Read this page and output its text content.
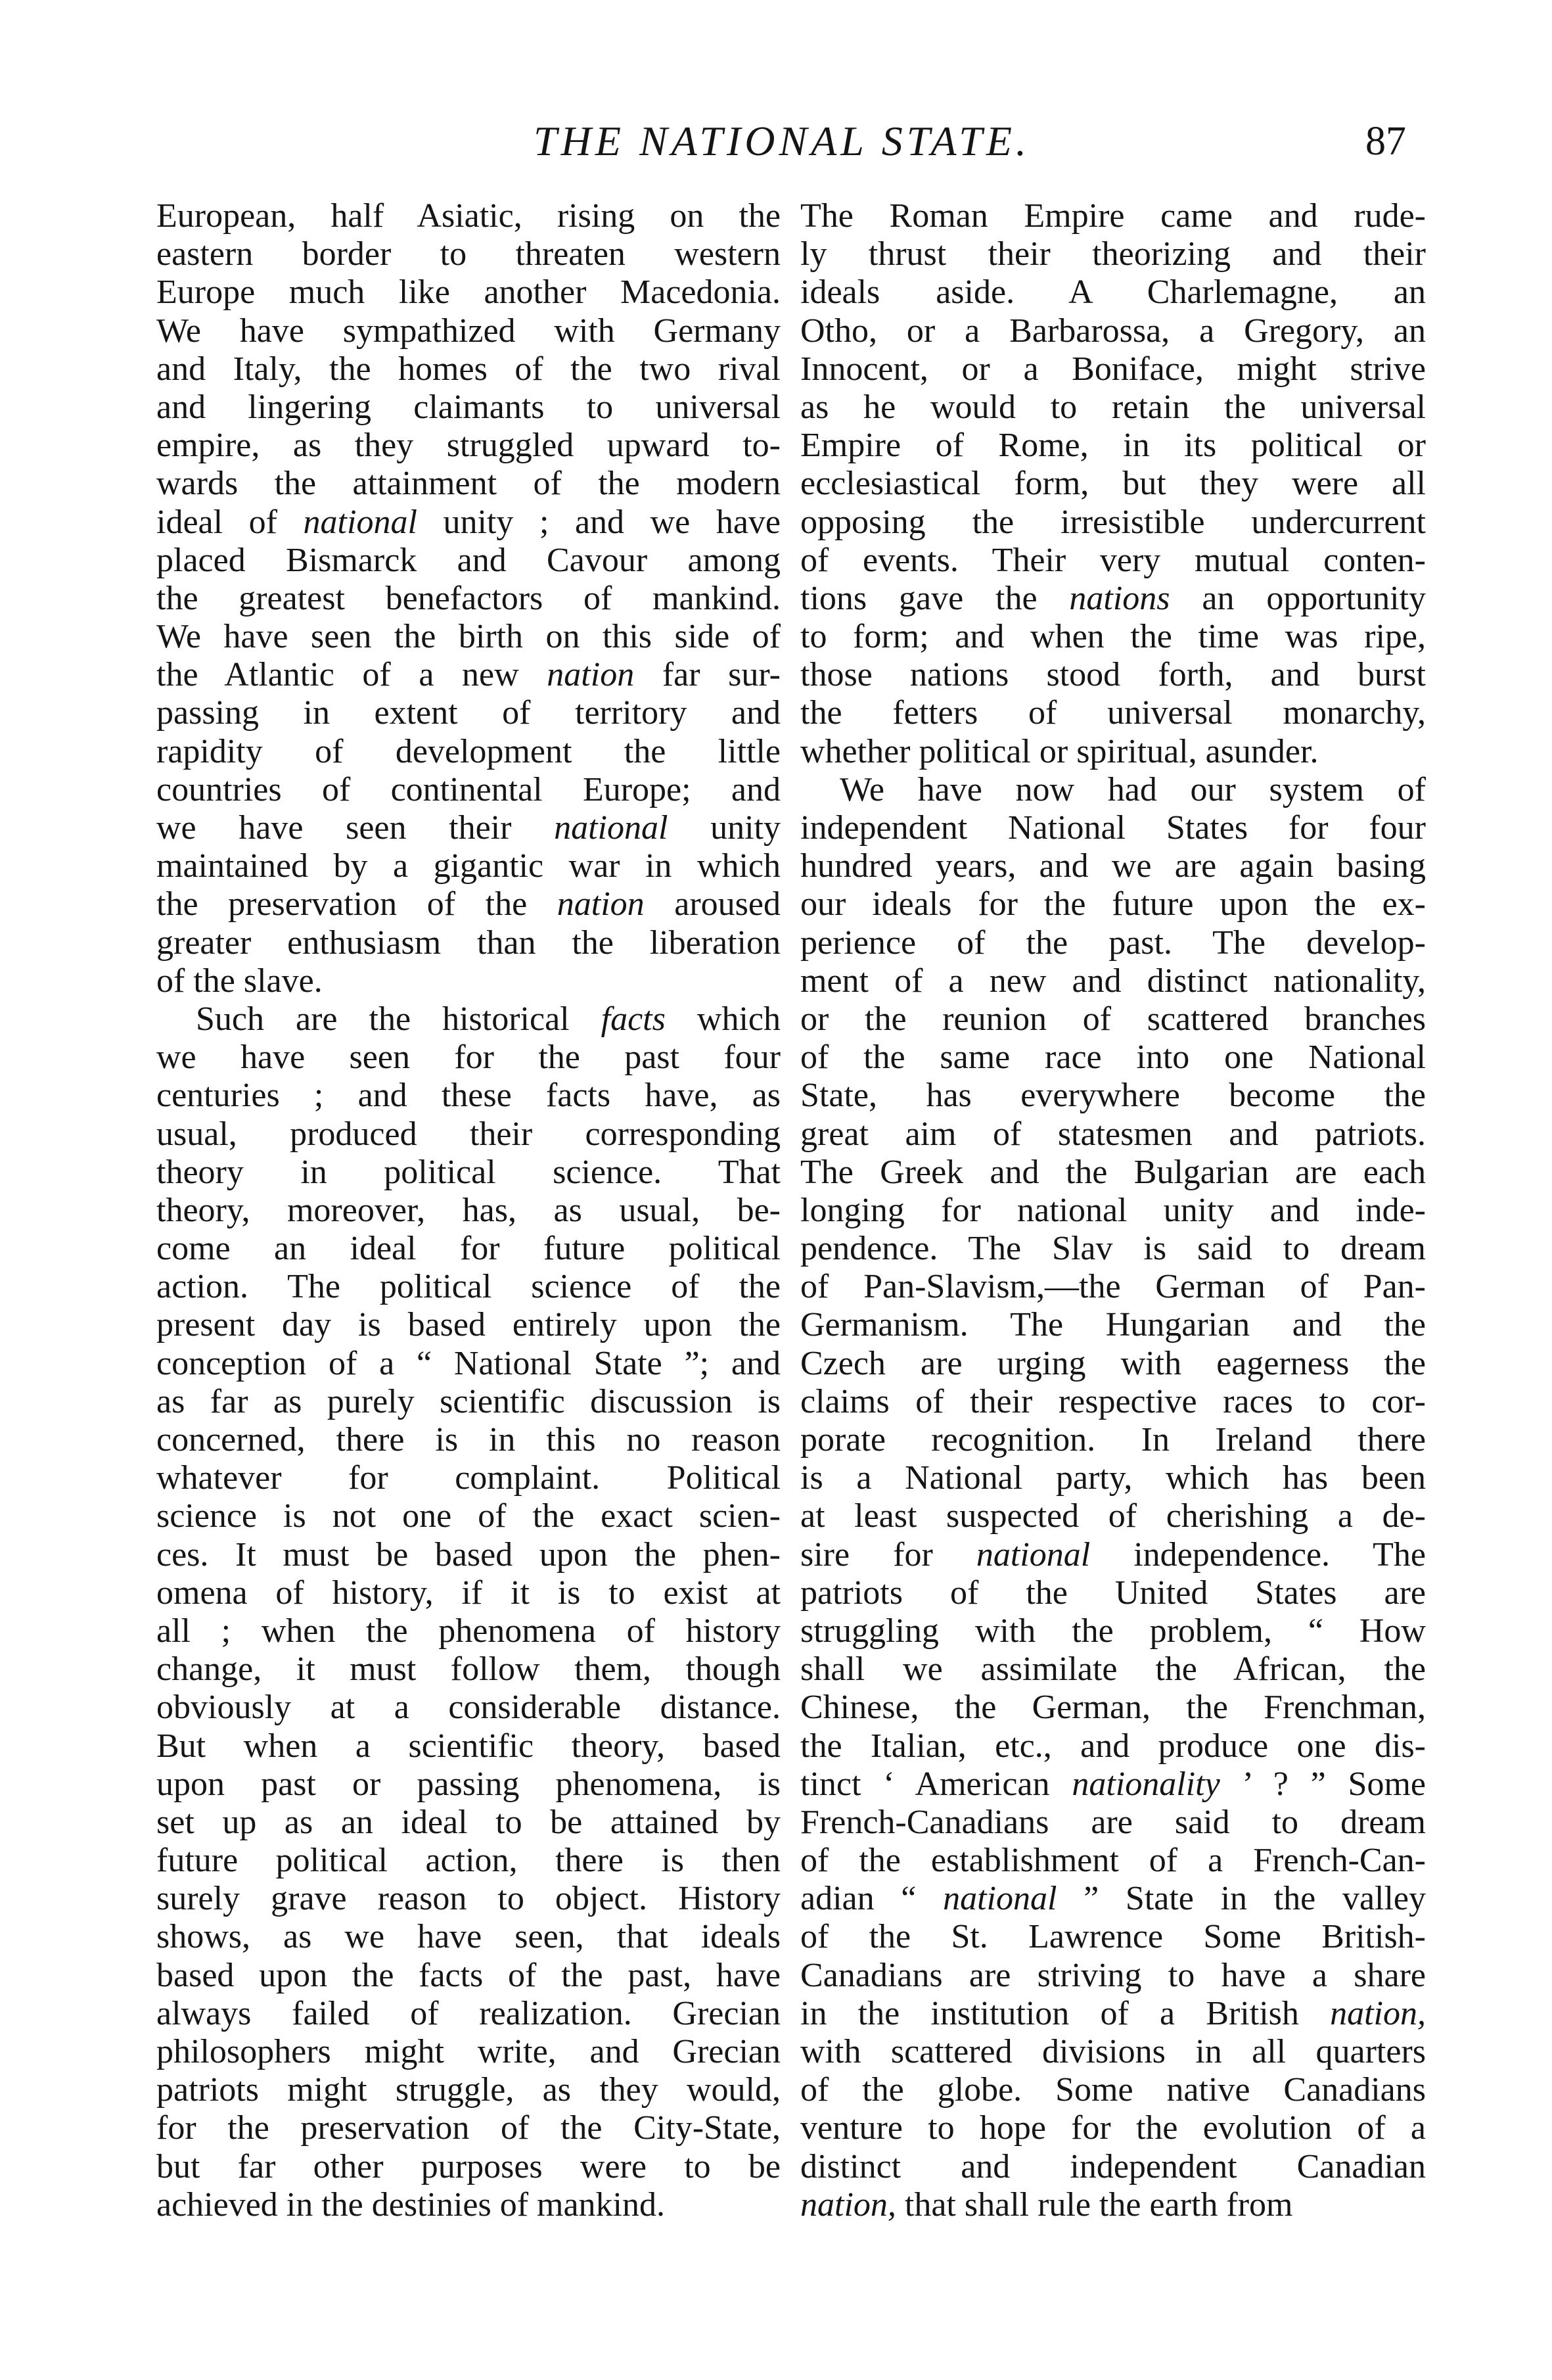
THE NATIONAL STATE.	87
European, half Asiatic, rising on the
eastern border to threaten western
Europe much like another Macedonia.
We have sympathized with Germany
and Italy, the homes of the two rival
and lingering claimants to universal
empire, as they struggled upward to-
wards the attainment of the modern
ideal of national unity ; and we have
placed Bismarck and Cavour among
the greatest benefactors of mankind.
We have seen the birth on this side of
the Atlantic of a new nation far sur-
passing in extent of territory and
rapidity of development the little
countries of continental Europe; and
we have seen their national unity
maintained by a gigantic war in which
the preservation of the nation aroused
greater enthusiasm than the liberation
of the slave.
Such are the historical facts which
we have seen for the past four
centuries ; and these facts have, as
usual, produced their corresponding
theory in political science. That
theory, moreover, has, as usual, be-
come an ideal for future political
action. The political science of the
present day is based entirely upon the
conception of a “ National State ”; and
as far as purely scientific discussion is
concerned, there is in this no reason
whatever for complaint. Political
science is not one of the exact scien-
ces. It must be based upon the phen-
omena of history, if it is to exist at
all ; when the phenomena of history
change, it must follow them, though
obviously at a considerable distance.
But when a scientific theory, based
upon past or passing phenomena, is
set up as an ideal to be attained by
future political action, there is then
surely grave reason to object. History
shows, as we have seen, that ideals
based upon the facts of the past, have
always failed of realization. Grecian
philosophers might write, and Grecian
patriots might struggle, as they would,
for the preservation of the City-State,
but far other purposes were to be
achieved in the destinies of mankind.
The Roman Empire came and rude-
ly thrust their theorizing and their
ideals aside. A Charlemagne, an
Otho, or a Barbarossa, a Gregory, an
Innocent, or a Boniface, might strive
as he would to retain the universal
Empire of Rome, in its political or
ecclesiastical form, but they were all
opposing the irresistible undercurrent
of events. Their very mutual conten-
tions gave the nations an opportunity
to form; and when the time was ripe,
those nations stood forth, and burst
the fetters of universal monarchy,
whether political or spiritual, asunder.
We have now had our system of
independent National States for four
hundred years, and we are again basing
our ideals for the future upon the ex-
perience of the past. The develop-
ment of a new and distinct nationality,
or the reunion of scattered branches
of the same race into one National
State, has everywhere become the
great aim of statesmen and patriots.
The Greek and the Bulgarian are each
longing for national unity and inde-
pendence. The Slav is said to dream
of Pan-Slavism,—the German of Pan-
Germanism. The Hungarian and the
Czech are urging with eagerness the
claims of their respective races to cor-
porate recognition. In Ireland there
is a National party, which has been
at least suspected of cherishing a de-
sire for national independence. The
patriots of the United States are
struggling with the problem, “ How
shall we assimilate the African, the
Chinese, the German, the Frenchman,
the Italian, etc., and produce one dis-
tinct ‘ American nationality ’ ? ” Some
French-Canadians are said to dream
of the establishment of a French-Can-
adian “ national ” State in the valley
of the St. Lawrence Some British-
Canadians are striving to have a share
in the institution of a British nation,
with scattered divisions in all quarters
of the globe. Some native Canadians
venture to hope for the evolution of a
distinct and independent Canadian
nation, that shall rule the earth from
